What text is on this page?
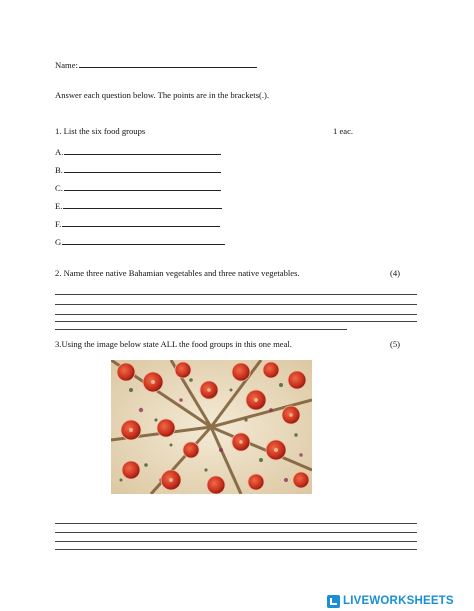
Name:
Answer each question below. The points are in the brackets(.).
1. List the six food groups	1 eac.
A.
B.
C.
E.
F.
G
2. Name three native Bahamian vegetables and three native vegetables.	(4)
3.Using the image below state ALL the food groups in this one meal.	(5)
LIVEWORKSHEETS
